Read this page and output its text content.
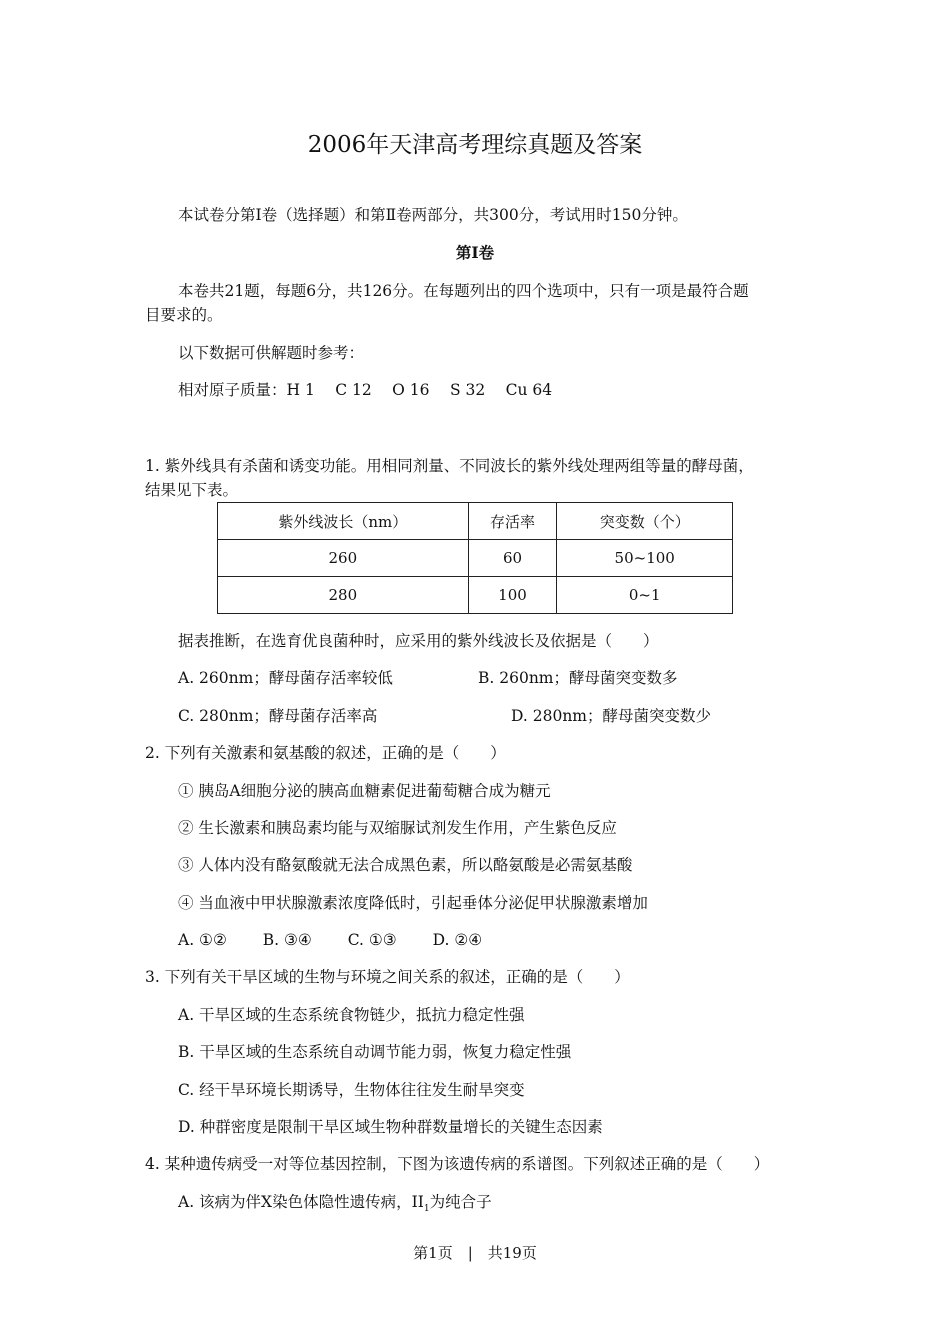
2006年天津高考理综真题及答案
本试卷分第Ⅰ卷（选择题）和第Ⅱ卷两部分，共300分，考试用时150分钟。
第Ⅰ卷
本卷共21题，每题6分，共126分。在每题列出的四个选项中，只有一项是最符合题
目要求的。
以下数据可供解题时参考：
相对原子质量：H 1　 C 12　 O 16　 S 32　 Cu 64
1. 紫外线具有杀菌和诱变功能。用相同剂量、不同波长的紫外线处理两组等量的酵母菌，
结果见下表。
紫外线波长（nm）	存活率	突变数（个）
260	60	50~100
280	100	0~1
据表推断，在选育优良菌种时，应采用的紫外线波长及依据是（　　）
A. 260nm；酵母菌存活率较低	B. 260nm；酵母菌突变数多
C. 280nm；酵母菌存活率高	D. 280nm；酵母菌突变数少
2. 下列有关激素和氨基酸的叙述，正确的是（　　）
① 胰岛A细胞分泌的胰高血糖素促进葡萄糖合成为糖元
② 生长激素和胰岛素均能与双缩脲试剂发生作用，产生紫色反应
③ 人体内没有酪氨酸就无法合成黑色素，所以酪氨酸是必需氨基酸
④ 当血液中甲状腺激素浓度降低时，引起垂体分泌促甲状腺激素增加
A. ①②　　 B. ③④　　 C. ①③　　 D. ②④
3. 下列有关干旱区域的生物与环境之间关系的叙述，正确的是（　　）
A. 干旱区域的生态系统食物链少，抵抗力稳定性强
B. 干旱区域的生态系统自动调节能力弱，恢复力稳定性强
C. 经干旱环境长期诱导，生物体往往发生耐旱突变
D. 种群密度是限制干旱区域生物种群数量增长的关键生态因素
4. 某种遗传病受一对等位基因控制，下图为该遗传病的系谱图。下列叙述正确的是（　　）
A. 该病为伴X染色体隐性遗传病，$II_1$为纯合子
第1页　|　共19页
